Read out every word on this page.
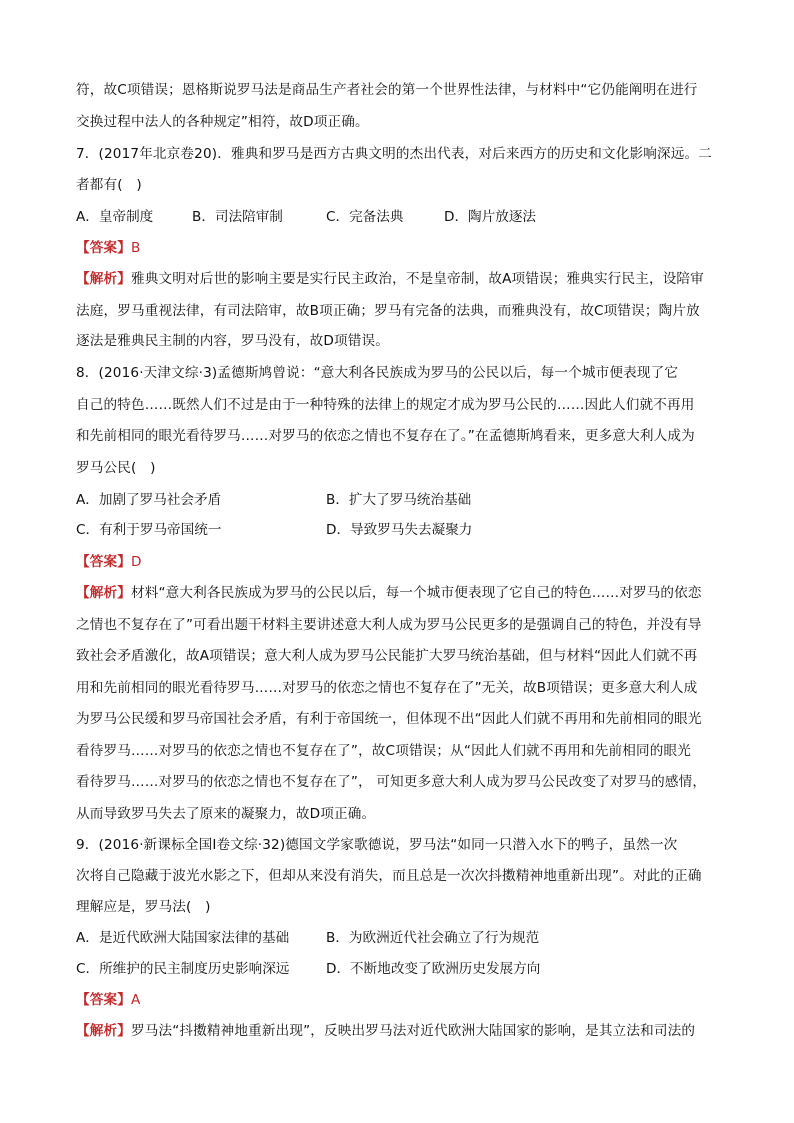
符，故C项错误；恩格斯说罗马法是商品生产者社会的第一个世界性法律，与材料中“它仍能阐明在进行
交换过程中法人的各种规定”相符，故D项正确。
7．(2017年北京卷20)．雅典和罗马是西方古典文明的杰出代表，对后来西方的历史和文化影响深远。二
者都有(　)
A．皇帝制度	B．司法陪审制	C．完备法典	D．陶片放逐法
【答案】B
【解析】雅典文明对后世的影响主要是实行民主政治，不是皇帝制，故A项错误；雅典实行民主，设陪审
法庭，罗马重视法律，有司法陪审，故B项正确；罗马有完备的法典，而雅典没有，故C项错误；陶片放
逐法是雅典民主制的内容，罗马没有，故D项错误。
8．(2016·天津文综·3)孟德斯鸠曾说：“意大利各民族成为罗马的公民以后，每一个城市便表现了它
自己的特色……既然人们不过是由于一种特殊的法律上的规定才成为罗马公民的……因此人们就不再用
和先前相同的眼光看待罗马……对罗马的依恋之情也不复存在了。”在孟德斯鸠看来，更多意大利人成为
罗马公民(　)
A．加剧了罗马社会矛盾	B．扩大了罗马统治基础
C．有利于罗马帝国统一	D．导致罗马失去凝聚力
【答案】D
【解析】材料“意大利各民族成为罗马的公民以后，每一个城市便表现了它自己的特色……对罗马的依恋
之情也不复存在了”可看出题干材料主要讲述意大利人成为罗马公民更多的是强调自己的特色，并没有导
致社会矛盾激化，故A项错误；意大利人成为罗马公民能扩大罗马统治基础，但与材料“因此人们就不再
用和先前相同的眼光看待罗马……对罗马的依恋之情也不复存在了”无关，故B项错误；更多意大利人成
为罗马公民缓和罗马帝国社会矛盾，有利于帝国统一，但体现不出“因此人们就不再用和先前相同的眼光
看待罗马……对罗马的依恋之情也不复存在了”，故C项错误；从“因此人们就不再用和先前相同的眼光
看待罗马……对罗马的依恋之情也不复存在了”， 可知更多意大利人成为罗马公民改变了对罗马的感情，
从而导致罗马失去了原来的凝聚力，故D项正确。
9．(2016·新课标全国Ⅰ卷文综·32)德国文学家歌德说，罗马法“如同一只潜入水下的鸭子，虽然一次
次将自己隐藏于波光水影之下，但却从来没有消失，而且总是一次次抖擞精神地重新出现”。对此的正确
理解应是，罗马法(　)
A．是近代欧洲大陆国家法律的基础	B．为欧洲近代社会确立了行为规范
C．所维护的民主制度历史影响深远	D．不断地改变了欧洲历史发展方向
【答案】A
【解析】罗马法“抖擞精神地重新出现”，反映出罗马法对近代欧洲大陆国家的影响，是其立法和司法的
